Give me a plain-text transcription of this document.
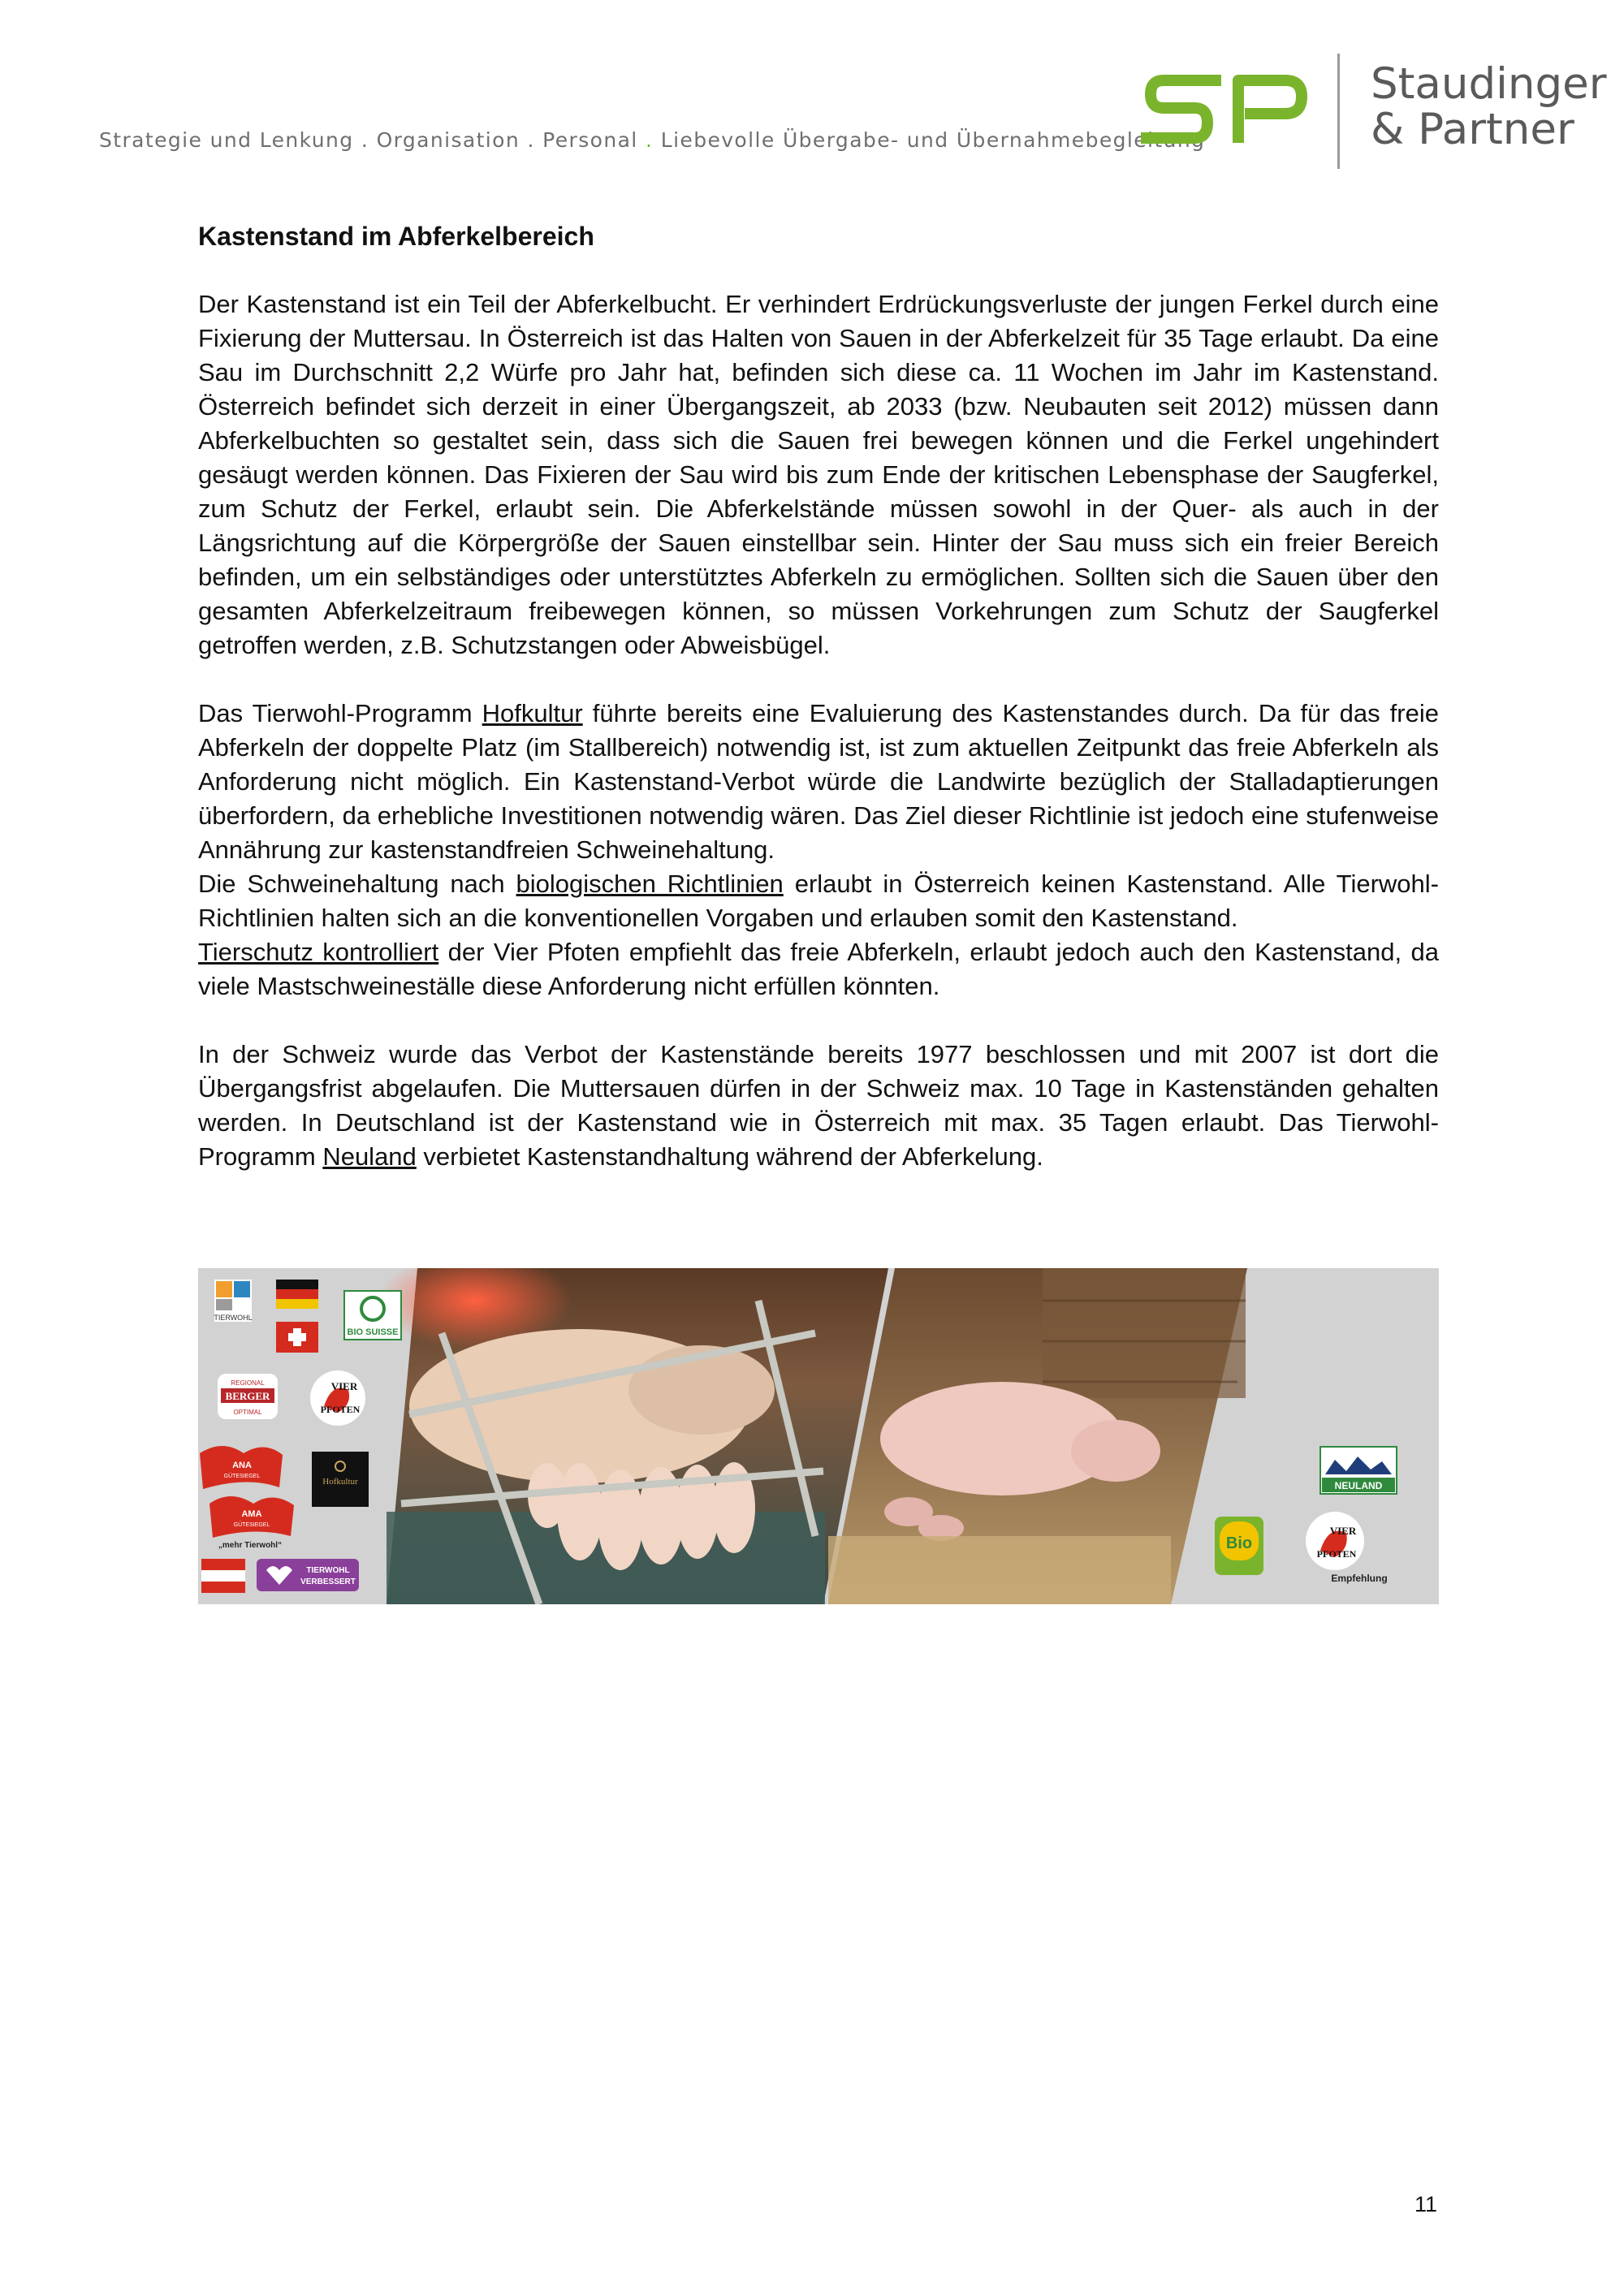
Strategie und Lenkung . Organisation . Personal . Liebevolle Übergabe- und Übernahmebegleitung
Staudinger
& Partner
Kastenstand im Abferkelbereich

Der Kastenstand ist ein Teil der Abferkelbucht. Er verhindert Erdrückungsverluste der jungen Ferkel durch eine Fixierung der Muttersau. In Österreich ist das Halten von Sauen in der Abferkelzeit für 35 Tage erlaubt. Da eine Sau im Durchschnitt 2,2 Würfe pro Jahr hat, befinden sich diese ca. 11 Wochen im Jahr im Kastenstand. Österreich befindet sich derzeit in einer Übergangszeit, ab 2033 (bzw. Neubauten seit 2012) müssen dann Abferkelbuchten so gestaltet sein, dass sich die Sauen frei bewegen können und die Ferkel ungehindert gesäugt werden können. Das Fixieren der Sau wird bis zum Ende der kritischen Lebensphase der Saugferkel, zum Schutz der Ferkel, erlaubt sein. Die Abferkelstände müssen sowohl in der Quer- als auch in der Längsrichtung auf die Körpergröße der Sauen einstellbar sein. Hinter der Sau muss sich ein freier Bereich befinden, um ein selbständiges oder unterstütztes Abferkeln zu ermöglichen. Sollten sich die Sauen über den gesamten Abferkelzeitraum freibewegen können, so müssen Vorkehrungen zum Schutz der Saugferkel getroffen werden, z.B. Schutzstangen oder Abweisbügel.

Das Tierwohl-Programm Hofkultur führte bereits eine Evaluierung des Kastenstandes durch. Da für das freie Abferkeln der doppelte Platz (im Stallbereich) notwendig ist, ist zum aktuellen Zeitpunkt das freie Abferkeln als Anforderung nicht möglich. Ein Kastenstand-Verbot würde die Landwirte bezüglich der Stalladaptierungen überfordern, da erhebliche Investitionen notwendig wären. Das Ziel dieser Richtlinie ist jedoch eine stufenweise Annährung zur kastenstandfreien Schweinehaltung.

Die Schweinehaltung nach biologischen Richtlinien erlaubt in Österreich keinen Kastenstand. Alle Tierwohl-Richtlinien halten sich an die konventionellen Vorgaben und erlauben somit den Kastenstand.

Tierschutz kontrolliert der Vier Pfoten empfiehlt das freie Abferkeln, erlaubt jedoch auch den Kastenstand, da viele Mastschweineställe diese Anforderung nicht erfüllen könnten.

In der Schweiz wurde das Verbot der Kastenstände bereits 1977 beschlossen und mit 2007 ist dort die Übergangsfrist abgelaufen. Die Muttersauen dürfen in der Schweiz max. 10 Tage in Kastenständen gehalten werden. In Deutschland ist der Kastenstand wie in Österreich mit max. 35 Tagen erlaubt. Das Tierwohl-Programm Neuland verbietet Kastenstandhaltung während der Abferkelung.

TIERWOHL
BIO SUISSE
REGIONAL
BERGER
OPTIMAL
VIER
PFOTEN
ANA
GÜTESIEGEL
Hofkultur
AMA
GÜTESIEGEL
„mehr Tierwohl“
TIERWOHL
VERBESSERT
NEULAND
Bio
VIER
PFOTEN
Empfehlung
11
